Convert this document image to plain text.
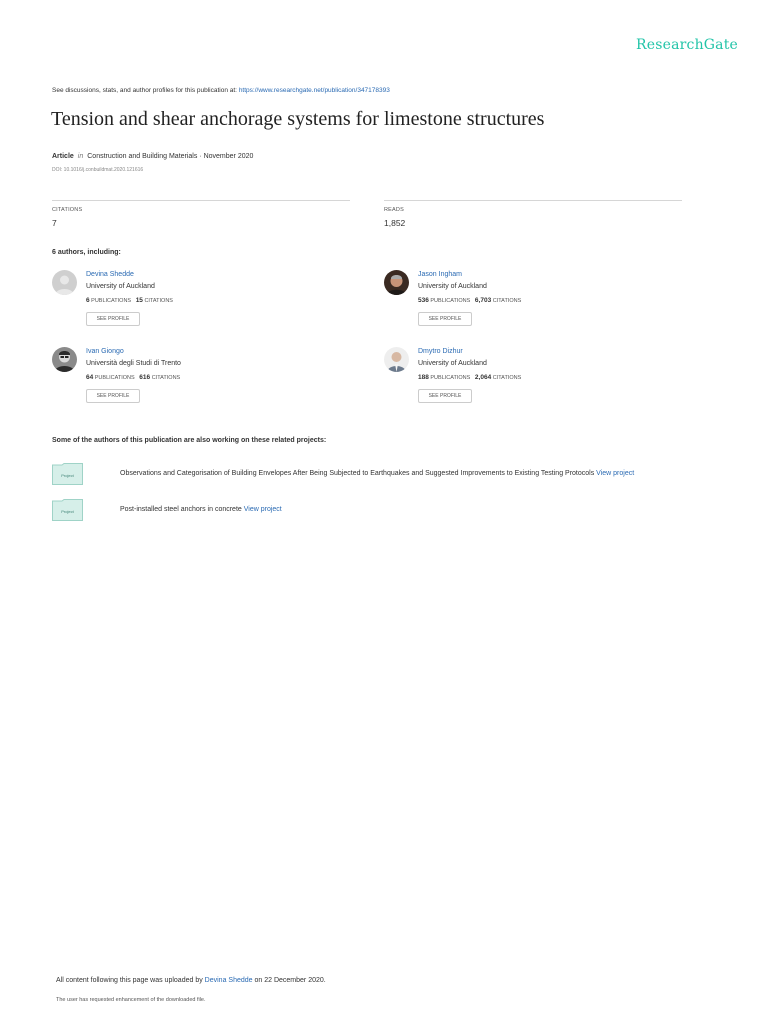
ResearchGate
See discussions, stats, and author profiles for this publication at: https://www.researchgate.net/publication/347178393
Tension and shear anchorage systems for limestone structures
Article in Construction and Building Materials · November 2020
DOI: 10.1016/j.conbuildmat.2020.121616
CITATIONS
7
READS
1,852
6 authors, including:
Devina Shedde
University of Auckland
6 PUBLICATIONS 15 CITATIONS
SEE PROFILE
Jason Ingham
University of Auckland
536 PUBLICATIONS 6,703 CITATIONS
SEE PROFILE
Ivan Giongo
Università degli Studi di Trento
64 PUBLICATIONS 616 CITATIONS
SEE PROFILE
Dmytro Dizhur
University of Auckland
188 PUBLICATIONS 2,064 CITATIONS
SEE PROFILE
Some of the authors of this publication are also working on these related projects:
Project	Observations and Categorisation of Building Envelopes After Being Subjected to Earthquakes and Suggested Improvements to Existing Testing Protocols View project
Project	Post-installed steel anchors in concrete View project
All content following this page was uploaded by Devina Shedde on 22 December 2020.
The user has requested enhancement of the downloaded file.
